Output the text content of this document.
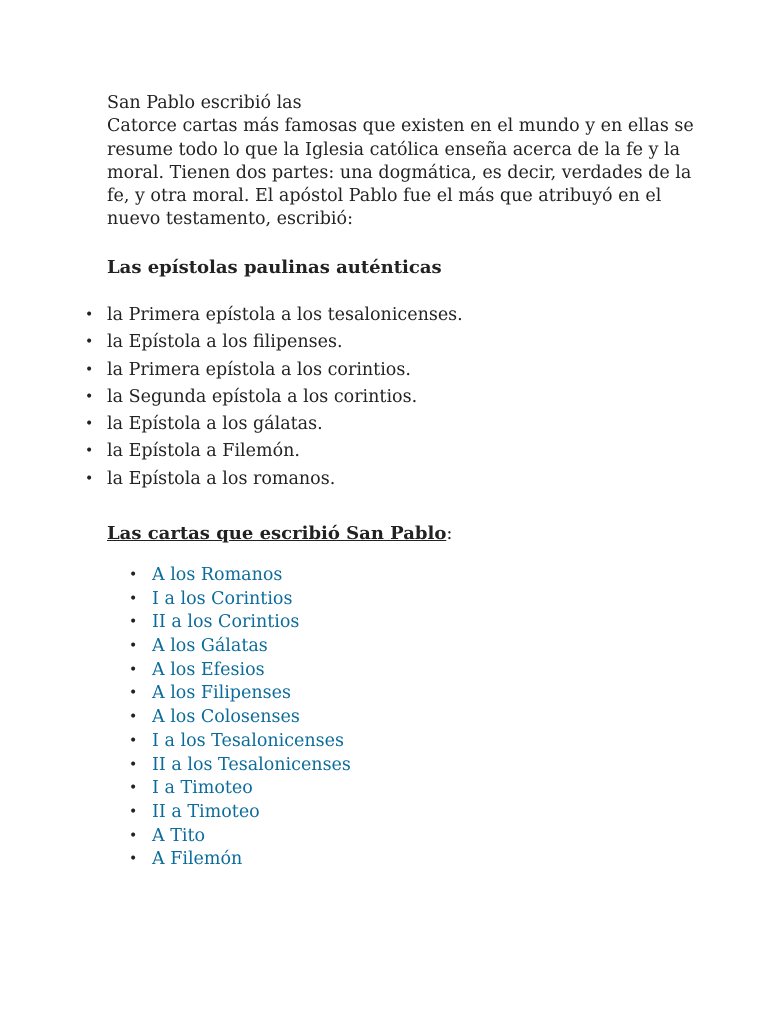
San Pablo escribió las

Catorce cartas más famosas que existen en el mundo y en ellas se resume todo lo que la Iglesia católica enseña acerca de la fe y la moral. Tienen dos partes: una dogmática, es decir, verdades de la fe, y otra moral. El apóstol Pablo fue el más que atribuyó en el nuevo testamento, escribió:

Las epístolas paulinas auténticas
• la Primera epístola a los tesalonicenses.
• la Epístola a los filipenses.
• la Primera epístola a los corintios.
• la Segunda epístola a los corintios.
• la Epístola a los gálatas.
• la Epístola a Filemón.
• la Epístola a los romanos.
Las cartas que escribió San Pablo:
• A los Romanos
• I a los Corintios
• II a los Corintios
• A los Gálatas
• A los Efesios
• A los Filipenses
• A los Colosenses
• I a los Tesalonicenses
• II a los Tesalonicenses
• I a Timoteo
• II a Timoteo
• A Tito
• A Filemón
